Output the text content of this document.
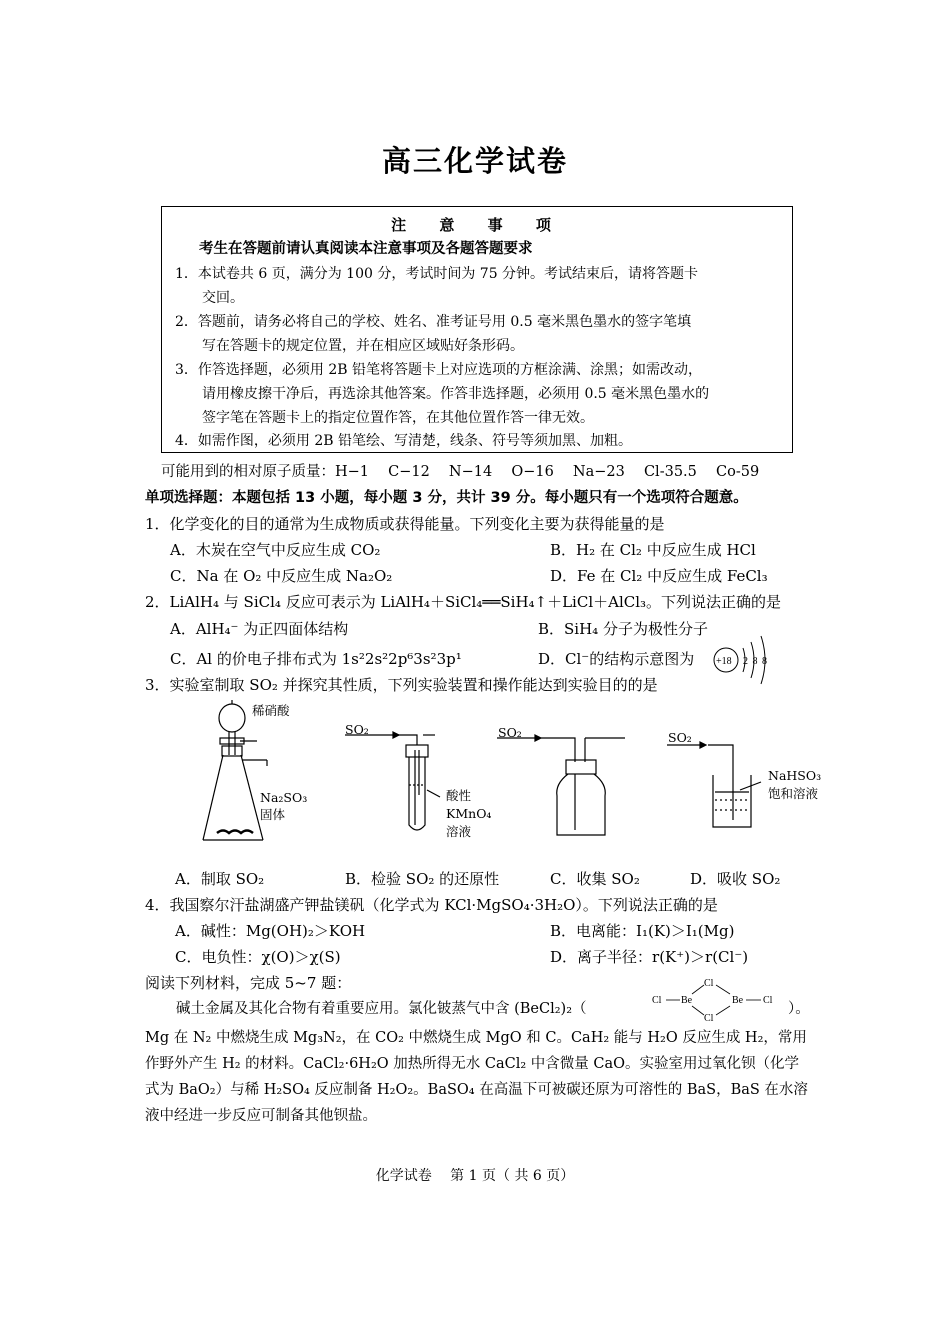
高三化学试卷
注 意 事 项
考生在答题前请认真阅读本注意事项及各题答题要求
1．本试卷共 6 页，满分为 100 分，考试时间为 75 分钟。考试结束后，请将答题卡
交回。
2．答题前，请务必将自己的学校、姓名、准考证号用 0.5 毫米黑色墨水的签字笔填
写在答题卡的规定位置，并在相应区域贴好条形码。
3．作答选择题，必须用 2B 铅笔将答题卡上对应选项的方框涂满、涂黑；如需改动，
请用橡皮擦干净后，再选涂其他答案。作答非选择题，必须用 0.5 毫米黑色墨水的
签字笔在答题卡上的指定位置作答，在其他位置作答一律无效。
4．如需作图，必须用 2B 铅笔绘、写清楚，线条、符号等须加黑、加粗。
可能用到的相对原子质量：H−1　 C−12　 N−14　 O−16　 Na−23　 Cl-35.5　 Co-59
单项选择题：本题包括 13 小题，每小题 3 分，共计 39 分。每小题只有一个选项符合题意。
1．化学变化的目的通常为生成物质或获得能量。下列变化主要为获得能量的是
A．木炭在空气中反应生成 CO₂	B．H₂ 在 Cl₂ 中反应生成 HCl
C．Na 在 O₂ 中反应生成 Na₂O₂	D．Fe 在 Cl₂ 中反应生成 FeCl₃
2．LiAlH₄ 与 SiCl₄ 反应可表示为 LiAlH₄＋SiCl₄══SiH₄↑＋LiCl＋AlCl₃。下列说法正确的是
A．AlH₄⁻ 为正四面体结构	B．SiH₄ 分子为极性分子
C．Al 的价电子排布式为 1s²2s²2p⁶3s²3p¹	D．Cl⁻的结构示意图为 +18 2 8 8
3．实验室制取 SO₂ 并探究其性质，下列实验装置和操作能达到实验目的的是
稀硝酸
Na₂SO₃
固体
SO₂	SO₂	SO₂
酸性
KMnO₄
溶液
NaHSO₃
饱和溶液
A．制取 SO₂	B．检验 SO₂ 的还原性	C．收集 SO₂	D．吸收 SO₂
4．我国察尔汗盐湖盛产钾盐镁矾（化学式为 KCl·MgSO₄·3H₂O）。下列说法正确的是
A．碱性：Mg(OH)₂＞KOH	B．电离能：I₁(K)＞I₁(Mg)
C．电负性：χ(O)＞χ(S)	D．离子半径：r(K⁺)＞r(Cl⁻)
阅读下列材料，完成 5~7 题：
碱土金属及其化合物有着重要应用。氯化铍蒸气中含 (BeCl₂)₂（
Cl Be
Cl
Cl
Be Cl
）。
Mg 在 N₂ 中燃烧生成 Mg₃N₂，在 CO₂ 中燃烧生成 MgO 和 C。CaH₂ 能与 H₂O 反应生成 H₂，常用作野外产生 H₂ 的材料。CaCl₂·6H₂O 加热所得无水 CaCl₂ 中含微量 CaO。实验室用过氧化钡（化学式为 BaO₂）与稀 H₂SO₄ 反应制备 H₂O₂。BaSO₄ 在高温下可被碳还原为可溶性的 BaS，BaS 在水溶液中经进一步反应可制备其他钡盐。
化学试卷　 第 1 页（ 共 6 页）
